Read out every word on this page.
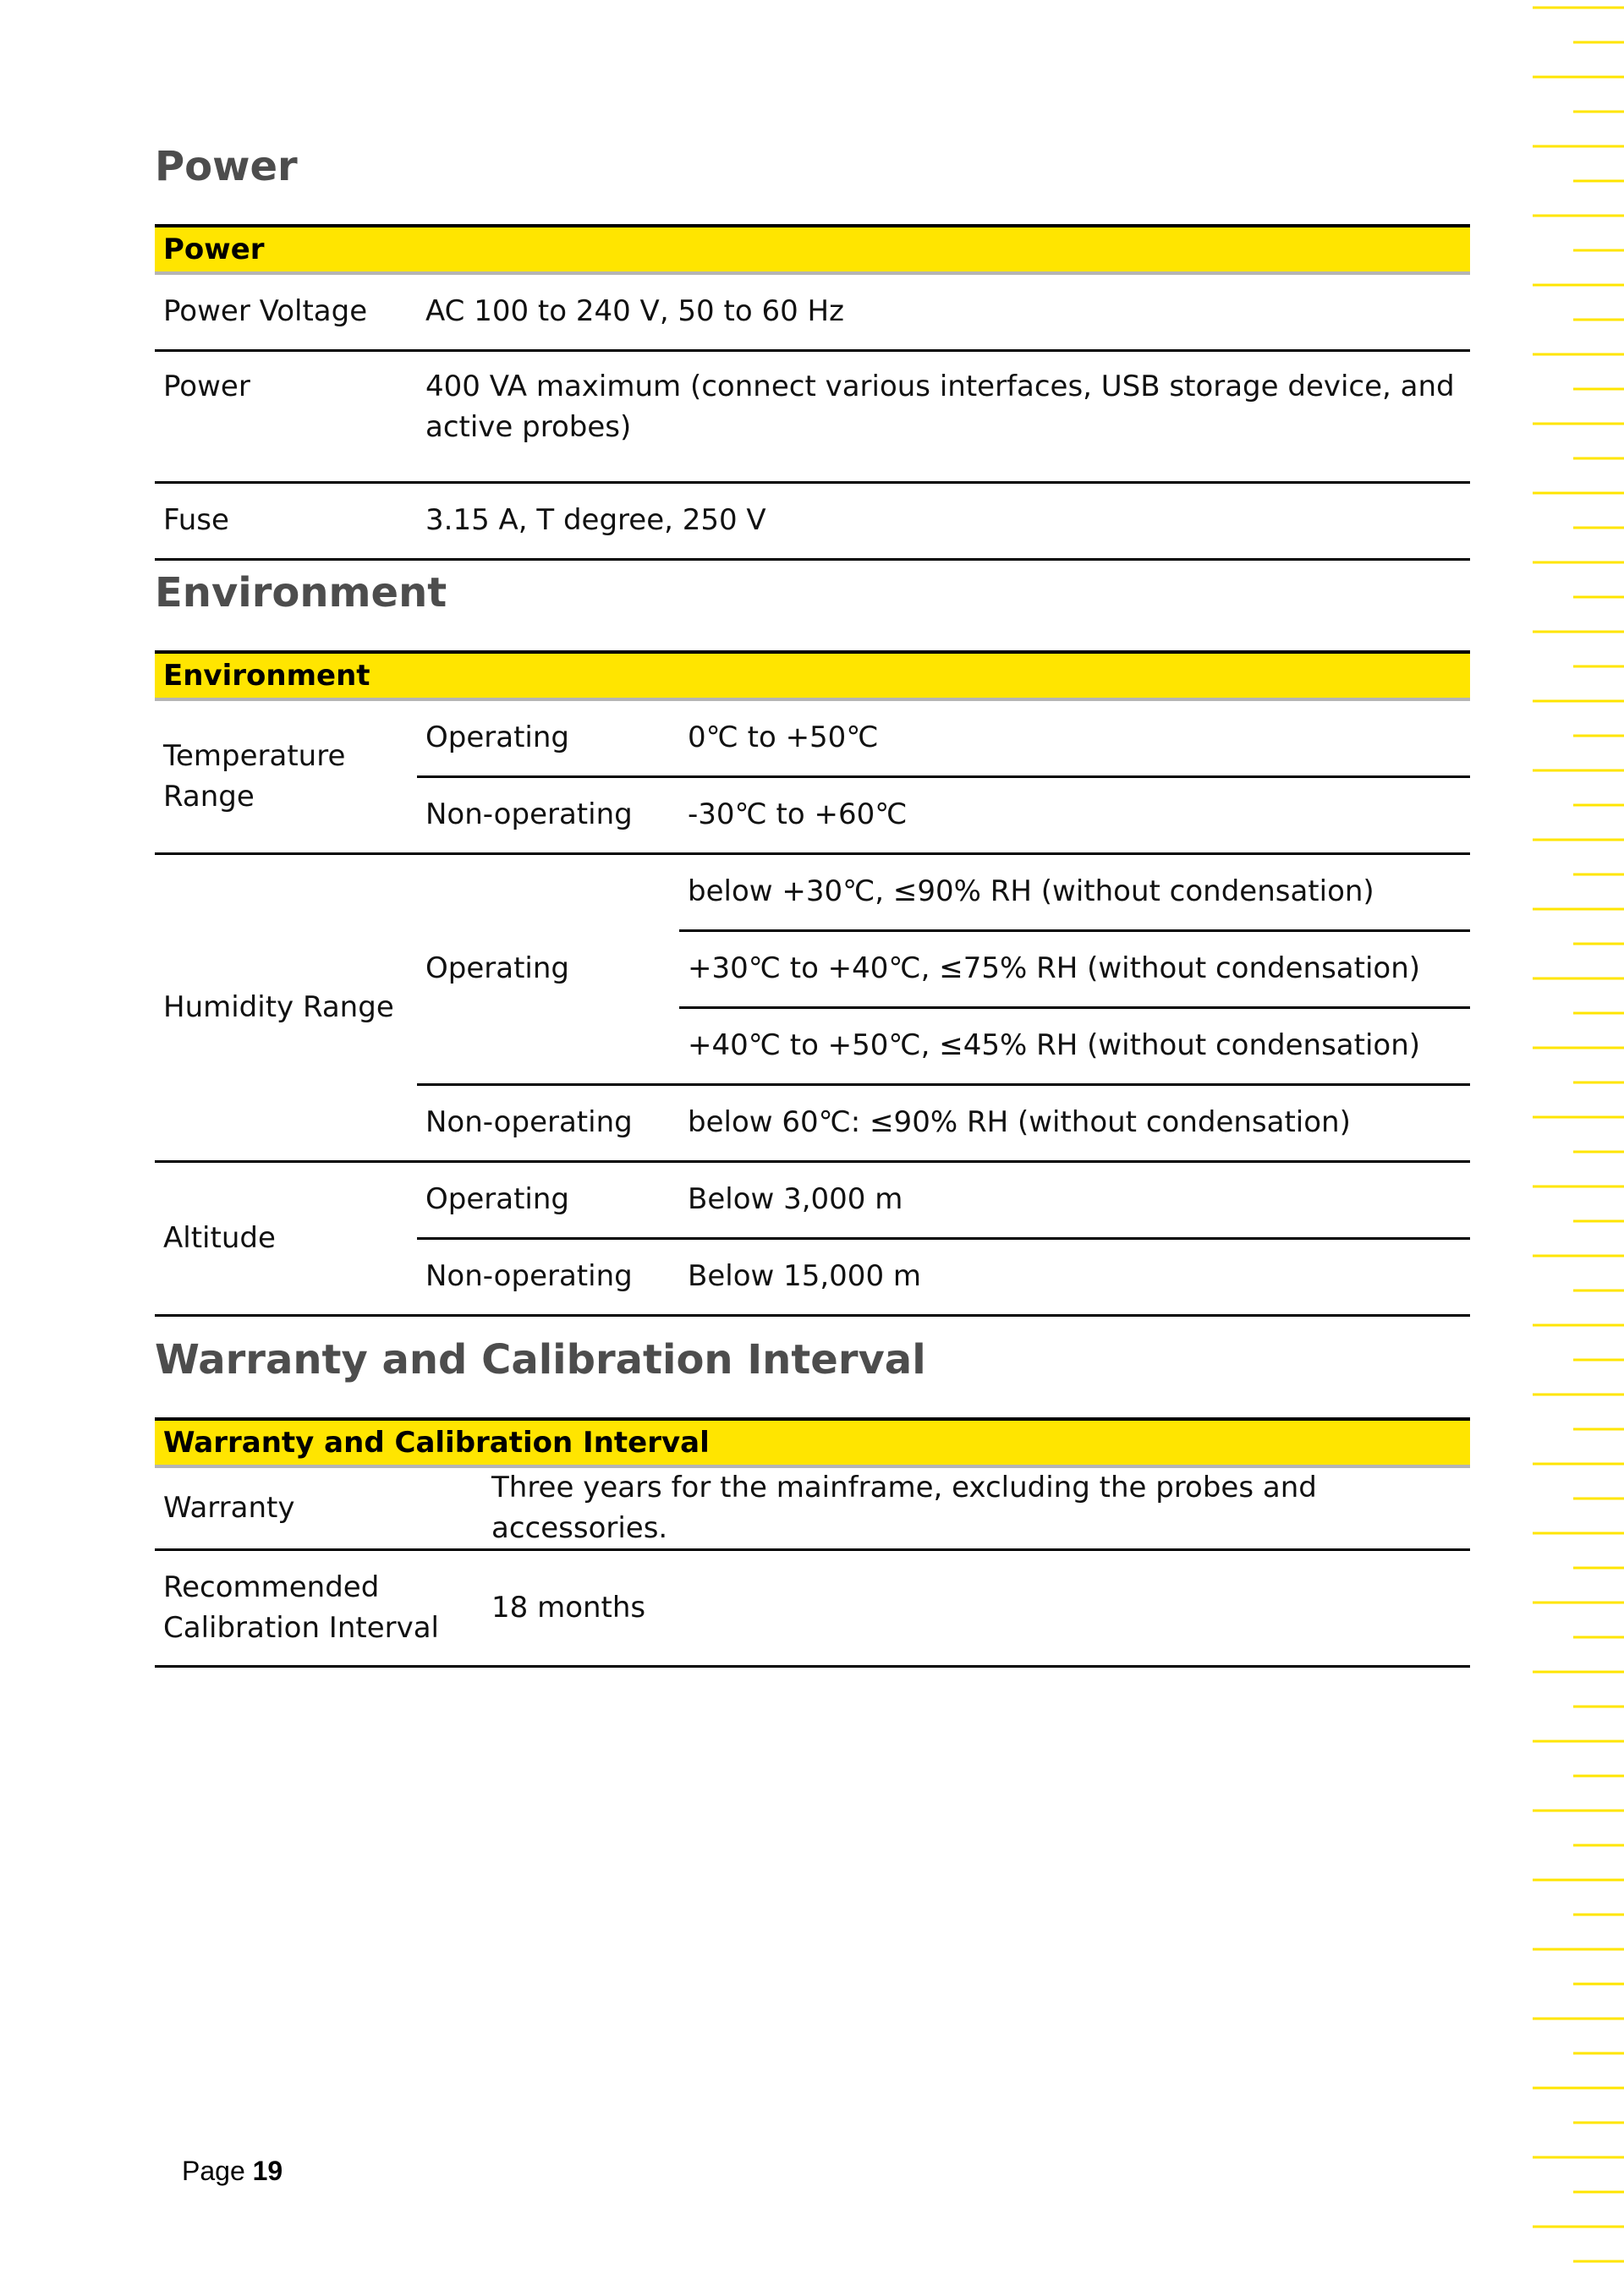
Power
Power	
Power Voltage	AC 100 to 240 V, 50 to 60 Hz
Power	400 VA maximum (connect various interfaces, USB storage device, and active probes)
Fuse	3.15 A, T degree, 250 V
Environment
Environment		
Temperature Range	Operating	0℃ to +50℃
	Non-operating	-30℃ to +60℃
Humidity Range	Operating	below +30℃, ≤90% RH (without condensation)
		+30℃ to +40℃, ≤75% RH (without condensation)
		+40℃ to +50℃, ≤45% RH (without condensation)
	Non-operating	below 60℃: ≤90% RH (without condensation)
Altitude	Operating	Below 3,000 m
	Non-operating	Below 15,000 m
Warranty and Calibration Interval
Warranty and Calibration Interval	
Warranty	Three years for the mainframe, excluding the probes and accessories.
Recommended Calibration Interval	18 months
Page 19
